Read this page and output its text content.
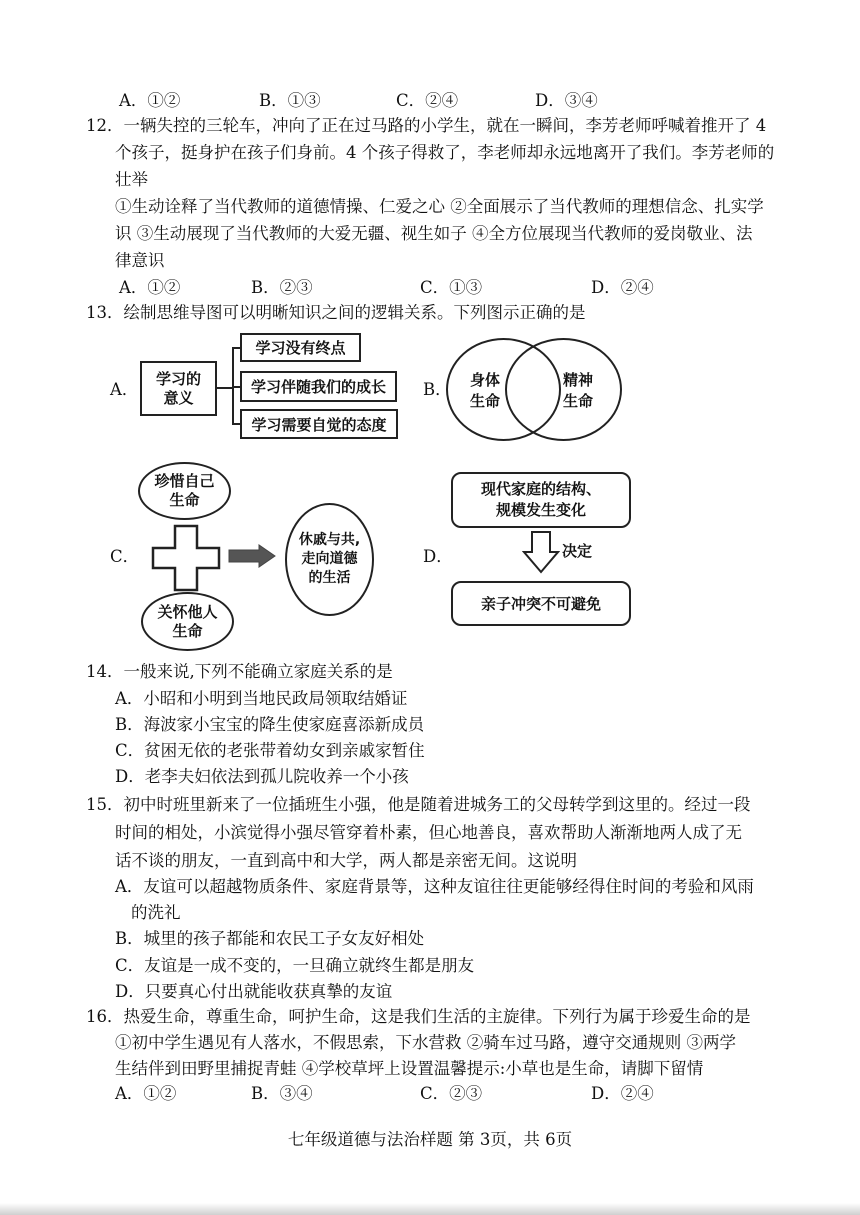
A．①②	B．①③	C．②④	D．③④
12．一辆失控的三轮车，冲向了正在过马路的小学生，就在一瞬间，李芳老师呼喊着推开了 4
个孩子，挺身护在孩子们身前。4 个孩子得救了，李老师却永远地离开了我们。李芳老师的
壮举
①生动诠释了当代教师的道德情操、仁爱之心 ②全面展示了当代教师的理想信念、扎实学
识 ③生动展现了当代教师的大爱无疆、视生如子 ④全方位展现当代教师的爱岗敬业、法
律意识
A．①②	B．②③	C．①③	D．②④
13．绘制思维导图可以明晰知识之间的逻辑关系。下列图示正确的是
A．
学习的
意义
学习没有终点
学习伴随我们的成长
学习需要自觉的态度
B．	身体
生命
精神
生命
C．
珍惜自己
生命
关怀他人
生命
休戚与共,
走向道德
的生活
D．
现代家庭的结构、
规模发生变化
决定
亲子冲突不可避免
14．一般来说,下列不能确立家庭关系的是
A．小昭和小明到当地民政局领取结婚证
B．海波家小宝宝的降生使家庭喜添新成员
C．贫困无依的老张带着幼女到亲戚家暂住
D．老李夫妇依法到孤儿院收养一个小孩
15．初中时班里新来了一位插班生小强，他是随着进城务工的父母转学到这里的。经过一段
时间的相处，小滨觉得小强尽管穿着朴素，但心地善良，喜欢帮助人渐渐地两人成了无
话不谈的朋友，一直到高中和大学，两人都是亲密无间。这说明
A．友谊可以超越物质条件、家庭背景等，这种友谊往往更能够经得住时间的考验和风雨
的洗礼
B．城里的孩子都能和农民工子女友好相处
C．友谊是一成不变的，一旦确立就终生都是朋友
D．只要真心付出就能收获真摯的友谊
16．热爱生命，尊重生命，呵护生命，这是我们生活的主旋律。下列行为属于珍爱生命的是
①初中学生遇见有人落水，不假思索，下水营救 ②骑车过马路，遵守交通规则 ③两学
生结伴到田野里捕捉青蛙 ④学校草坪上设置温馨提示:小草也是生命，请脚下留情
A．①②	B．③④	C．②③	D．②④
七年级道德与法治样题 第 3页，共 6页
